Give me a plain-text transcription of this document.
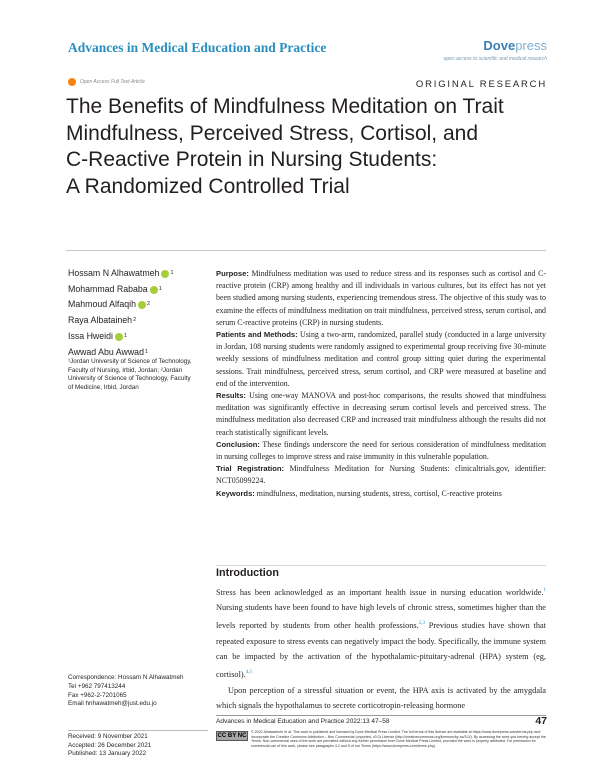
Advances in Medical Education and Practice	Dovepress
open access to scientific and medical research
Open Access Full Text Article	ORIGINAL RESEARCH
The Benefits of Mindfulness Meditation on Trait
Mindfulness, Perceived Stress, Cortisol, and
C-Reactive Protein in Nursing Students:
A Randomized Controlled Trial
Hossam N Alhawatmeh 1
Mohammad Rababa 1
Mahmoud Alfaqih 2
Raya Albataineh 2
Issa Hweidi 1
Awwad Abu Awwad 1
¹Jordan University of Science of Technology, Faculty of Nursing, Irbid, Jordan; ²Jordan University of Science of Technology, Faculty of Medicine, Irbid, Jordan

Purpose: Mindfulness meditation was used to reduce stress and its responses such as cortisol and C-reactive protein (CRP) among healthy and ill individuals in various cultures, but its effect has not yet been studied among nursing students, experiencing tremendous stress. The objective of this study was to examine the effects of mindfulness meditation on trait mindfulness, perceived stress, serum cortisol, and serum C-reactive proteins (CRP) in nursing students.

Patients and Methods: Using a two-arm, randomized, parallel study (conducted in a large university in Jordan, 108 nursing students were randomly assigned to experimental group receiving five 30-minute weekly sessions of mindfulness meditation and control group sitting quiet during the experimental sessions. Trait mindfulness, perceived stress, serum cortisol, and CRP were measured at baseline and end of the intervention.

Results: Using one-way MANOVA and post-hoc comparisons, the results showed that mindfulness meditation was significantly effective in decreasing serum cortisol levels and perceived stress. The mindfulness meditation also decreased CRP and increased trait mindfulness although the results did not reach statistically significant levels.

Conclusion: These findings underscore the need for serious consideration of mindfulness meditation in nursing colleges to improve stress and raise immunity in this vulnerable population.

Trial Registration: Mindfulness Meditation for Nursing Students: clinicaltrials.gov, identifier: NCT05099224.

Keywords: mindfulness, meditation, nursing students, stress, cortisol, C-reactive proteins

Introduction

Stress has been acknowledged as an important health issue in nursing education worldwide.$^1$ Nursing students have been found to have high levels of chronic stress, sometimes higher than the levels reported by students from other health professions.$^{2,3}$ Previous studies have shown that repeated exposure to stress events can negatively impact the body. Specifically, the immune system can be impacted by the activation of the hypothalamic-pituitary-adrenal (HPA) system (eg, cortisol).$^{4,5}$

Upon perception of a stressful situation or event, the HPA axis is activated by the amygdala which signals the hypothalamus to secrete corticotropin-releasing hormone

Correspondence: Hossam N Alhawatmeh
Tel +962 797413244
Fax +962-2-7201065
Email hnhawatmeh@just.edu.jo
Received: 9 November 2021
Accepted: 26 December 2021
Published: 13 January 2022
Advances in Medical Education and Practice 2022:13 47–58	47
CC BY NC
© 2022 Alhawatmeh et al. This work is published and licensed by Dove Medical Press Limited. The full terms of this license are available at https://www.dovepress.com/terms.php and incorporate the Creative Commons Attribution – Non Commercial (unported, v3.0) License (http://creativecommons.org/licenses/by-nc/3.0/). By accessing the work you hereby accept the Terms. Non-commercial uses of the work are permitted without any further permission from Dove Medical Press Limited, provided the work is properly attributed. For permission for commercial use of this work, please see paragraphs 4.2 and 5 of our Terms (https://www.dovepress.com/terms.php).
